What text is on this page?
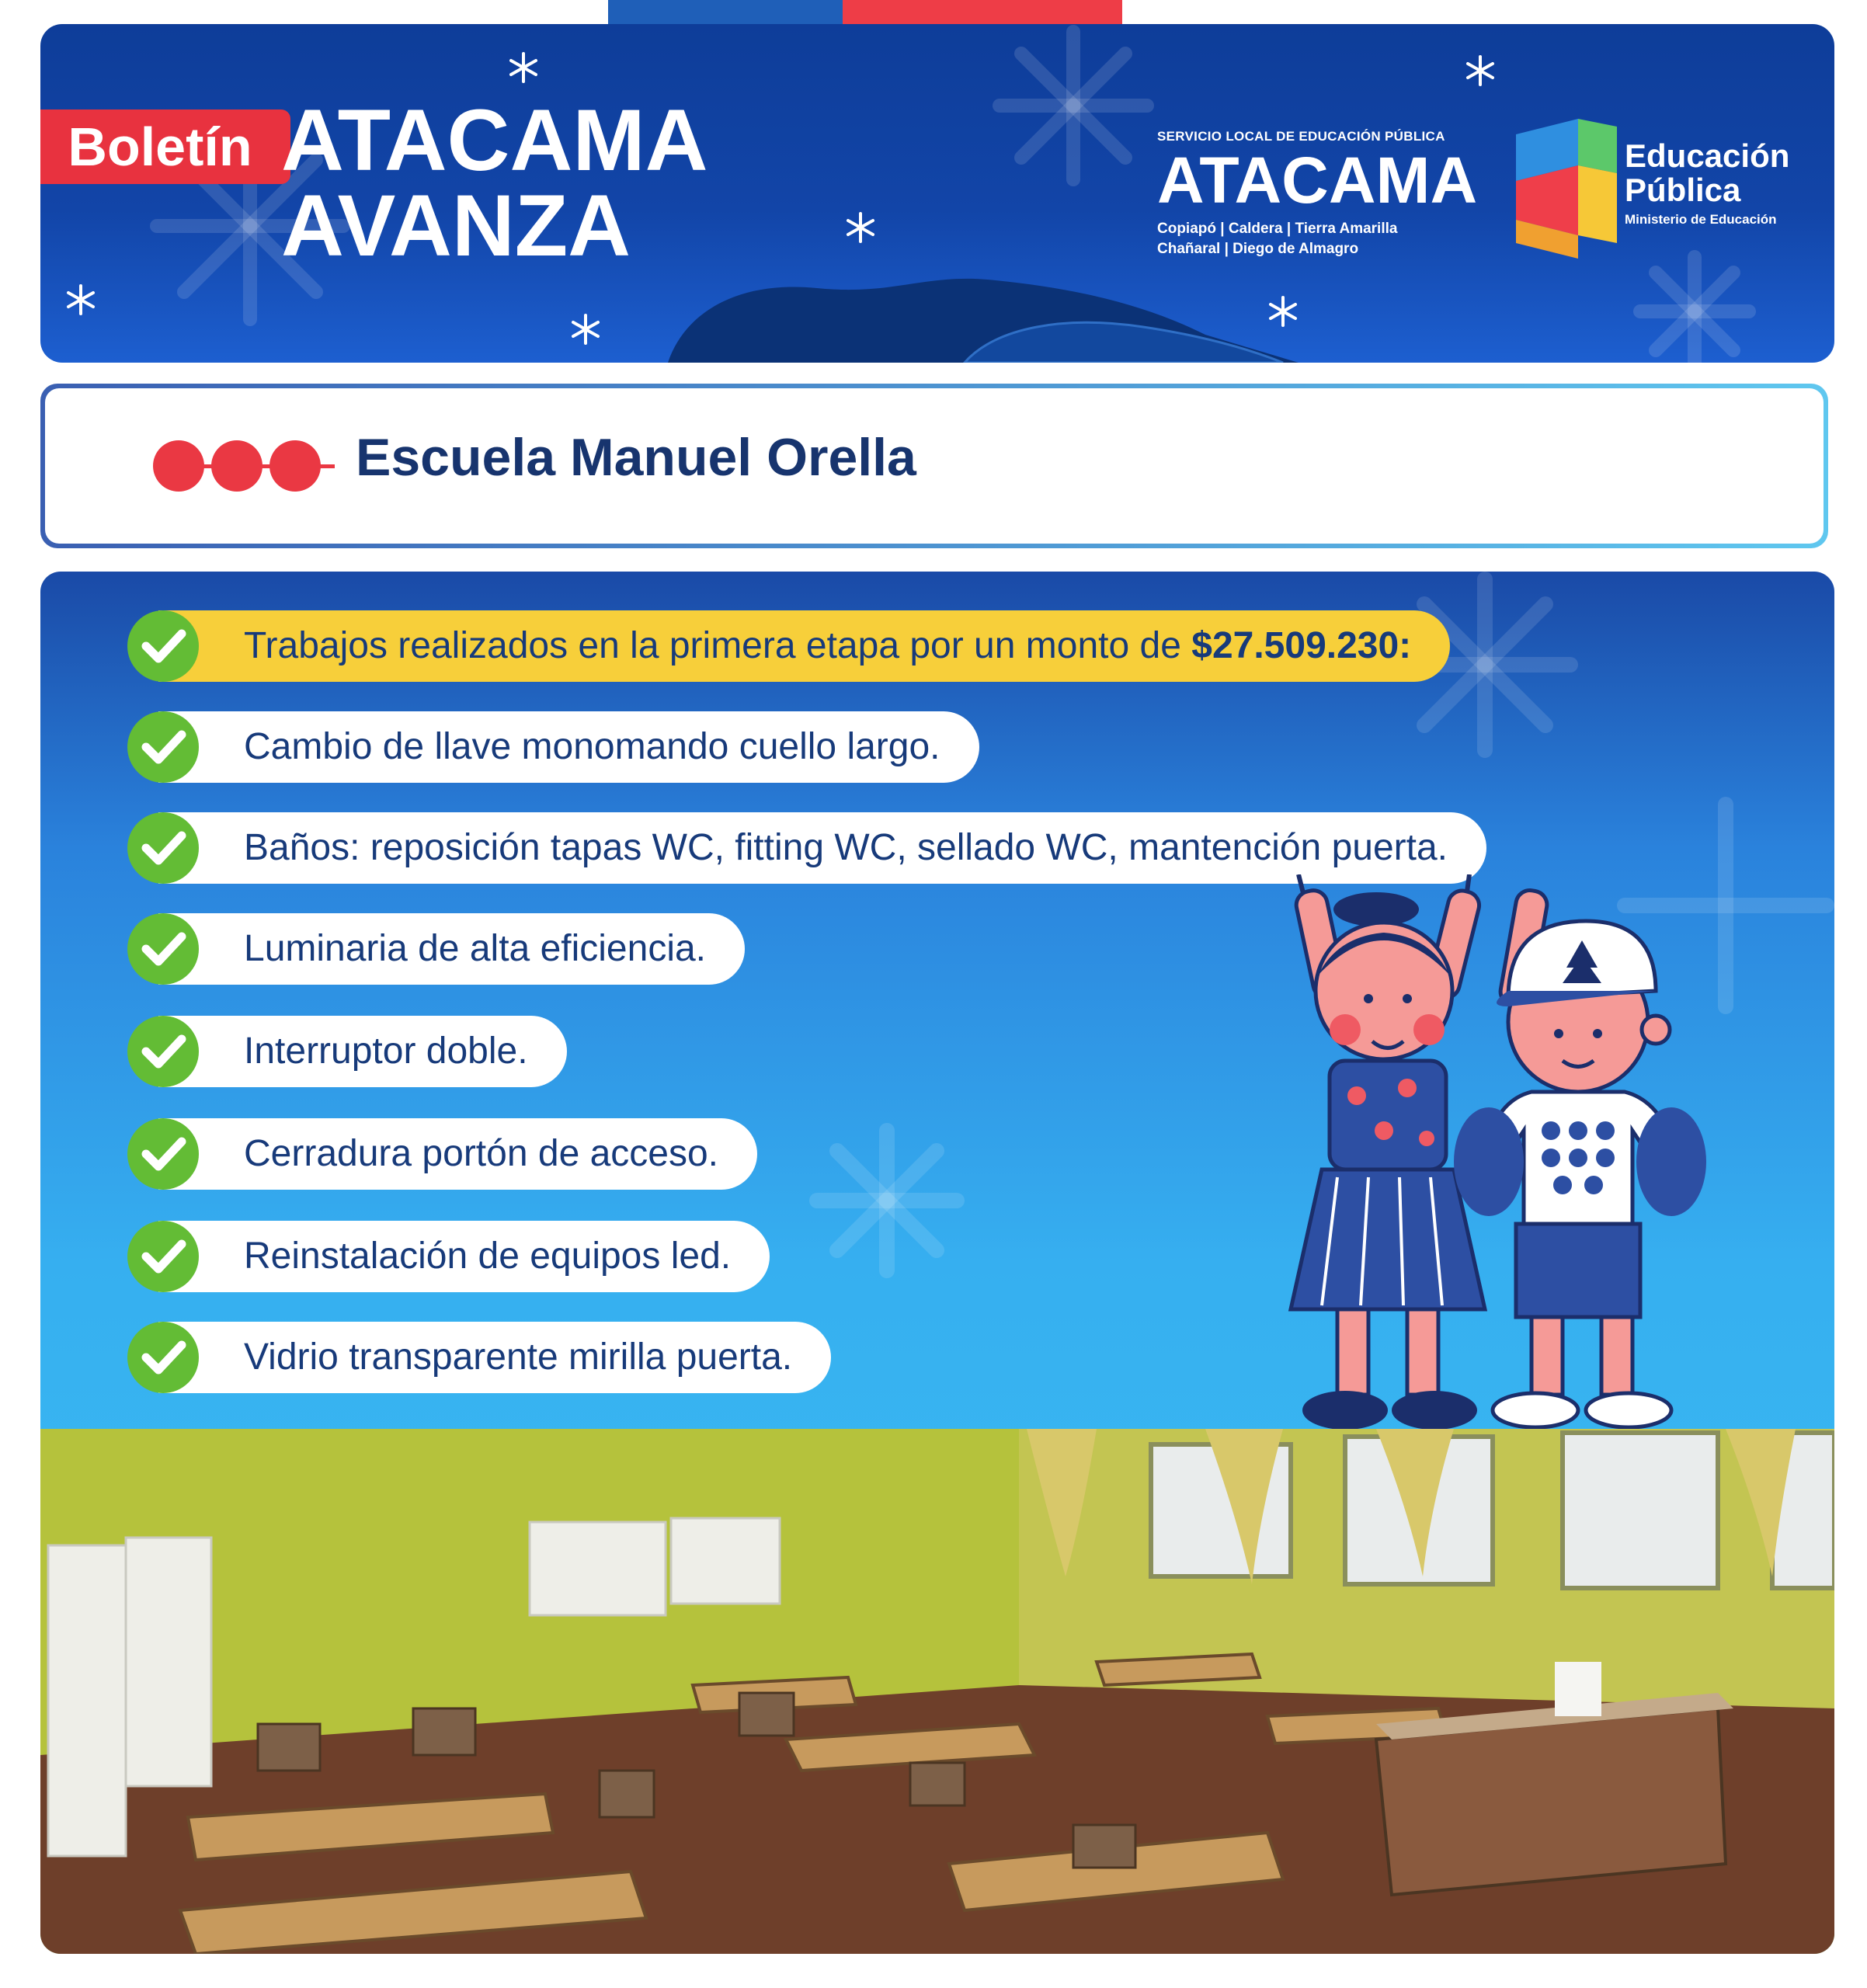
Boletín ATACAMA
AVANZA
SERVICIO LOCAL DE EDUCACIÓN PÚBLICA
ATACAMA
Copiapó | Caldera | Tierra Amarilla
Chañaral | Diego de Almagro
Educación
Pública
Ministerio de Educación
Escuela Manuel Orella
Trabajos realizados en la primera etapa por un monto de $27.509.230:
Cambio de llave monomando cuello largo.
Baños: reposición tapas WC, fitting WC, sellado WC, mantención puerta.
Luminaria de alta eficiencia.
Interruptor doble.
Cerradura portón de acceso.
Reinstalación de equipos led.
Vidrio transparente mirilla puerta.
